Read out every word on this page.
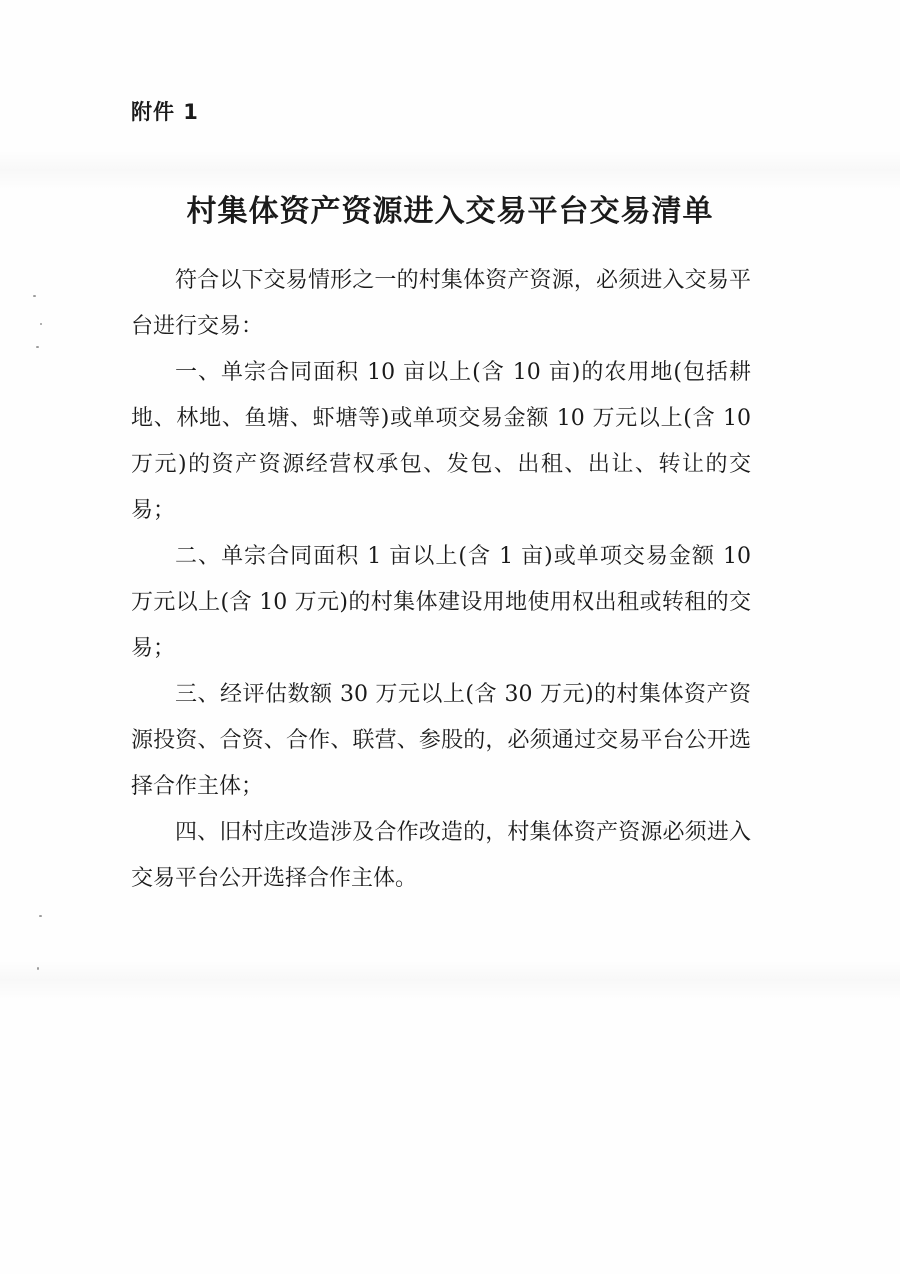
附件 1
村集体资产资源进入交易平台交易清单

符合以下交易情形之一的村集体资产资源，必须进入交易平台进行交易：

一、单宗合同面积 10 亩以上(含 10 亩)的农用地(包括耕地、林地、鱼塘、虾塘等)或单项交易金额 10 万元以上(含 10 万元)的资产资源经营权承包、发包、出租、出让、转让的交易；

二、单宗合同面积 1 亩以上(含 1 亩)或单项交易金额 10 万元以上(含 10 万元)的村集体建设用地使用权出租或转租的交易；

三、经评估数额 30 万元以上(含 30 万元)的村集体资产资源投资、合资、合作、联营、参股的，必须通过交易平台公开选择合作主体；

四、旧村庄改造涉及合作改造的，村集体资产资源必须进入交易平台公开选择合作主体。
